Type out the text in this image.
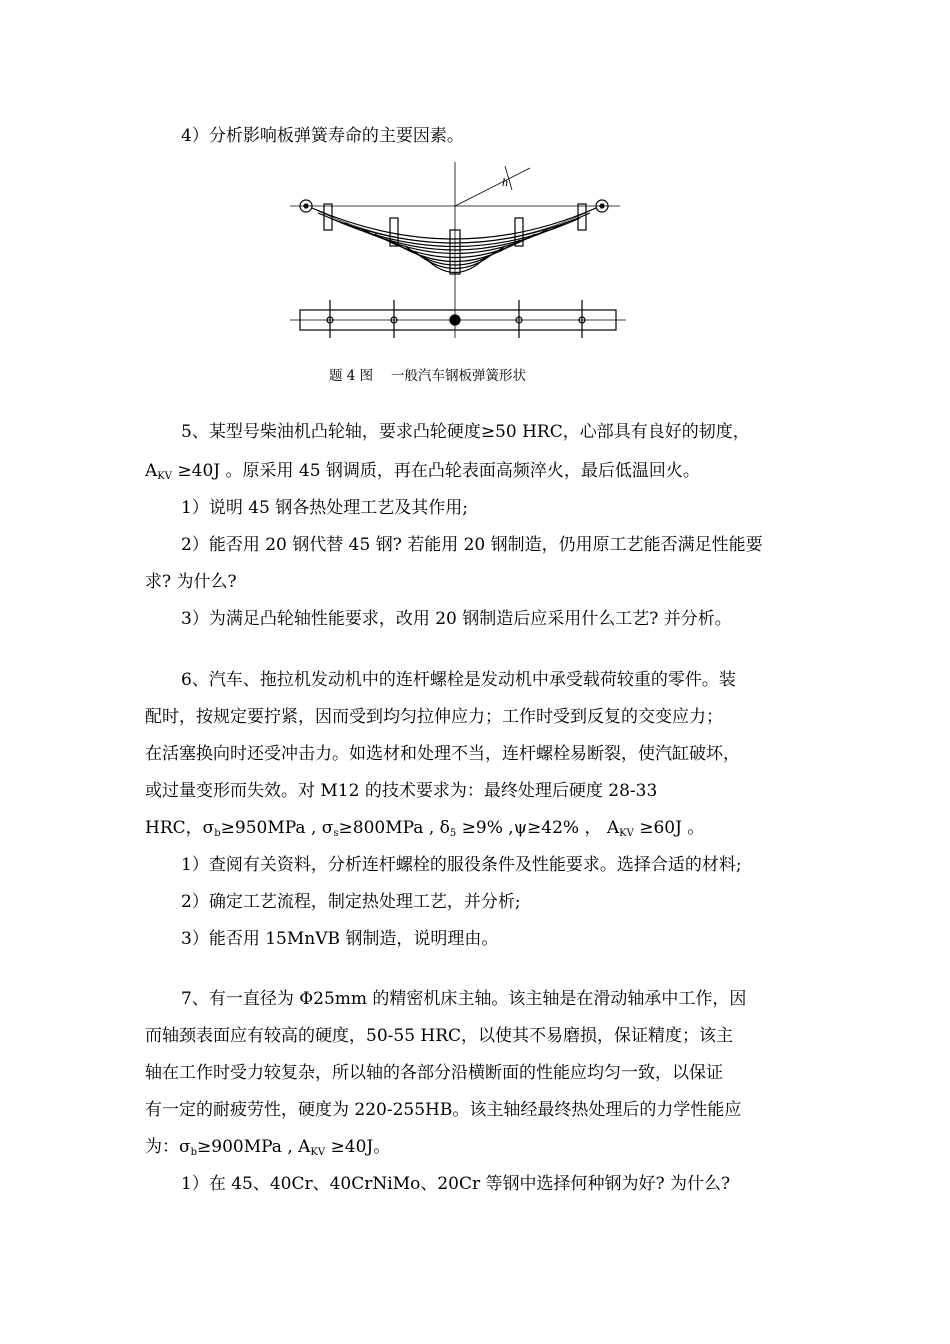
4）分析影响板弹簧寿命的主要因素。
h
题 4 图　 一般汽车钢板弹簧形状
5、某型号柴油机凸轮轴，要求凸轮硬度≥50 HRC，心部具有良好的韧度，
$A_{KV} \ge 40J$ 。原采用 45 钢调质，再在凸轮表面高频淬火，最后低温回火。
1）说明 45 钢各热处理工艺及其作用;
2）能否用 20 钢代替 45 钢? 若能用 20 钢制造，仍用原工艺能否满足性能要
求? 为什么?
3）为满足凸轮轴性能要求，改用 20 钢制造后应采用什么工艺? 并分析。
6、汽车、拖拉机发动机中的连杆螺栓是发动机中承受载荷较重的零件。装
配时，按规定要拧紧，因而受到均匀拉伸应力；工作时受到反复的交变应力；
在活塞换向时还受冲击力。如选材和处理不当，连杆螺栓易断裂，使汽缸破坏，
或过量变形而失效。对 M12 的技术要求为：最终处理后硬度 28-33
HRC，$\sigma_b\ge 950MPa$ , $\sigma_s\ge 800MPa$ , $\delta_5 \ge 9\%$ ,ψ≥42% ， $A_{KV} \ge 60J$ 。
1）查阅有关资料，分析连杆螺栓的服役条件及性能要求。选择合适的材料;
2）确定工艺流程，制定热处理工艺，并分析;
3）能否用 15MnVB 钢制造，说明理由。
7、有一直径为 Φ25mm 的精密机床主轴。该主轴是在滑动轴承中工作，因
而轴颈表面应有较高的硬度，50-55 HRC，以使其不易磨损，保证精度；该主
轴在工作时受力较复杂，所以轴的各部分沿横断面的性能应均匀一致，以保证
有一定的耐疲劳性，硬度为 220-255HB。该主轴经最终热处理后的力学性能应
为：$\sigma_b\ge 900MPa$ , $A_{KV} \ge 40J$。
1）在 45、40Cr、40CrNiMo、20Cr 等钢中选择何种钢为好? 为什么?
